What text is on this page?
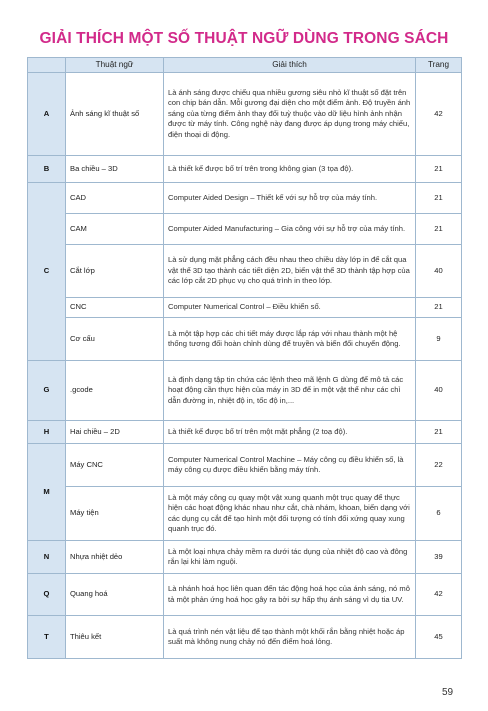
GIẢI THÍCH MỘT SỐ THUẬT NGỮ DÙNG TRONG SÁCH
	Thuật ngữ	Giải thích	Trang
A	Ảnh sáng kĩ thuật số	Là ánh sáng được chiếu qua nhiều gương siêu nhỏ kĩ thuật số đặt trên con chip bán dẫn. Mỗi gương đại diện cho một điểm ảnh. Độ truyền ánh sáng của từng điểm ảnh thay đổi tuỳ thuộc vào dữ liệu hình ảnh nhận được từ máy tính. Công nghệ này đang được áp dụng trong máy chiếu, điện thoại di động.	42
B	Ba chiều – 3D	Là thiết kế được bố trí trên trong không gian (3 tọa độ).	21
C	CAD	Computer Aided Design – Thiết kế với sự hỗ trợ của máy tính.	21
	CAM	Computer Aided Manufacturing – Gia công với sự hỗ trợ của máy tính.	21
	Cắt lớp	Là sử dụng mặt phẳng cách đều nhau theo chiều dày lớp in để cắt qua vật thể 3D tạo thành các tiết diện 2D, biến vật thể 3D thành tập hợp của các lớp cắt 2D phục vụ cho quá trình in theo lớp.	40
	CNC	Computer Numerical Control – Điều khiển số.	21
	Cơ cấu	Là một tập hợp các chi tiết máy được lắp ráp với nhau thành một hệ thống tương đối hoàn chỉnh dùng để truyền và biến đổi chuyển động.	9
G	.gcode	Là định dạng tập tin chứa các lệnh theo mã lệnh G dùng để mô tả các hoạt động cần thực hiện của máy in 3D để in một vật thể như các chỉ dẫn đường in, nhiệt độ in, tốc độ in,...	40
H	Hai chiều – 2D	Là thiết kế được bố trí trên một mặt phẳng (2 toạ độ).	21
M	Máy CNC	Computer Numerical Control Machine – Máy công cụ điều khiển số, là máy công cụ được điều khiển bằng máy tính.	22
	Máy tiện	Là một máy công cụ quay một vật xung quanh một trục quay để thực hiện các hoạt động khác nhau như cắt, chà nhám, khoan, biến dạng với các dụng cụ cắt để tạo hình một đối tượng có tính đối xứng quay xung quanh trục đó.	6
N	Nhựa nhiệt dẻo	Là một loại nhựa chảy mềm ra dưới tác dụng của nhiệt độ cao và đông rắn lại khi làm nguội.	39
Q	Quang hoá	Là nhánh hoá học liên quan đến tác động hoá học của ánh sáng, nó mô tả một phản ứng hoá học gây ra bởi sự hấp thụ ánh sáng vì dụ tia UV.	42
T	Thiêu kết	Là quá trình nén vật liệu để tạo thành một khối rắn bằng nhiệt hoặc áp suất mà không nung chảy nó đến điểm hoá lỏng.	45
59
